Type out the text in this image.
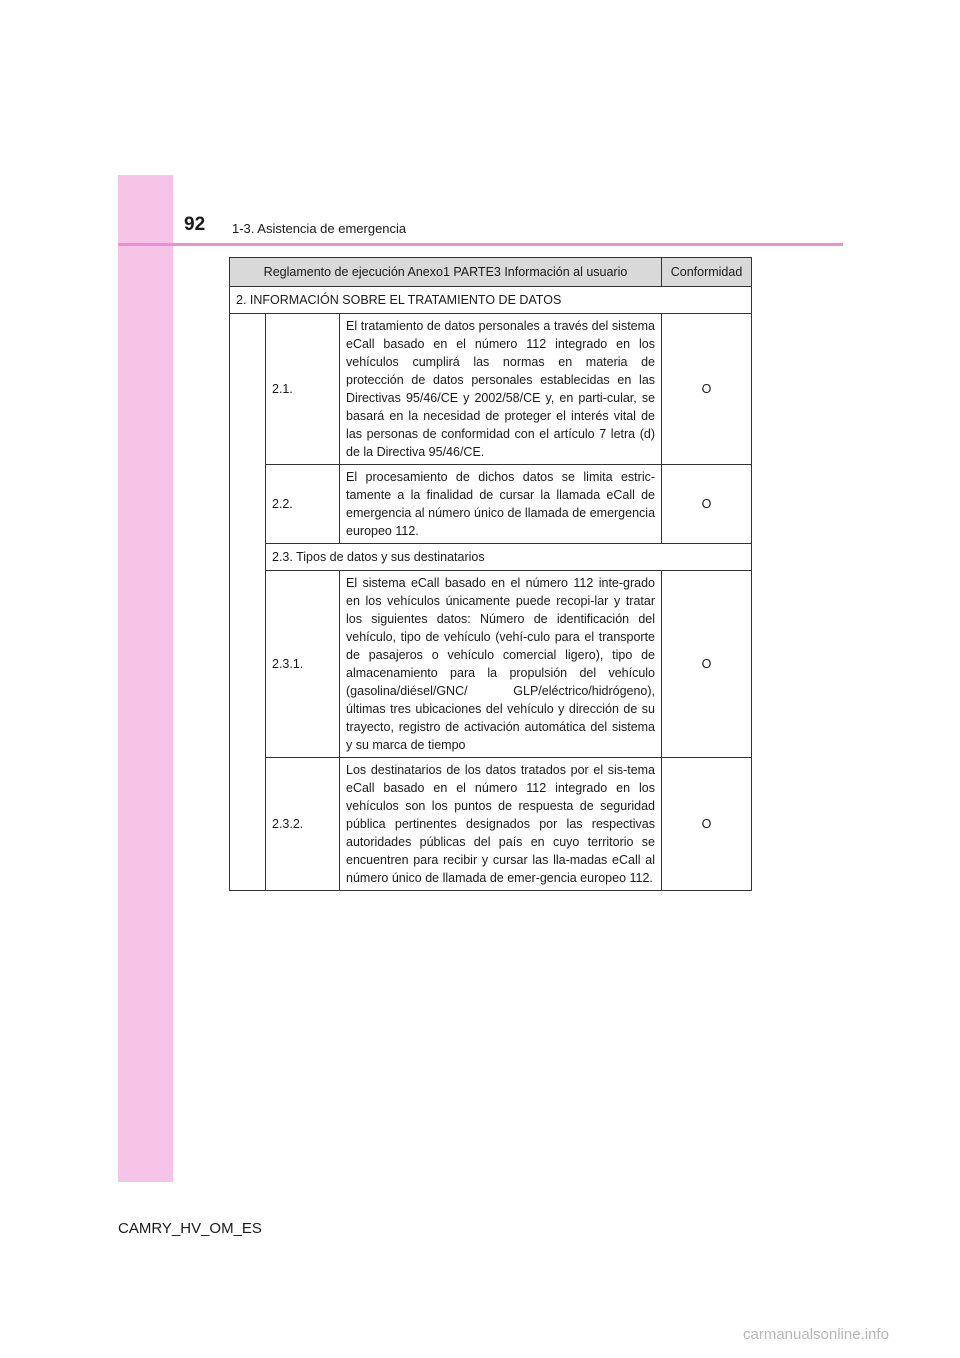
92 1-3. Asistencia de emergencia
Reglamento de ejecución Anexo1 PARTE3 Información al usuario			Conformidad
2. INFORMACIÓN SOBRE EL TRATAMIENTO DE DATOS			
	2.1.	El tratamiento de datos personales a través del sistema eCall basado en el número 112 integrado en los vehículos cumplirá las normas en materia de protección de datos personales establecidas en las Directivas 95/46/CE y 2002/58/CE y, en parti-cular, se basará en la necesidad de proteger el interés vital de las personas de conformidad con el artículo 7 letra (d) de la Directiva 95/46/CE.	O
	2.2.	El procesamiento de dichos datos se limita estric-tamente a la finalidad de cursar la llamada eCall de emergencia al número único de llamada de emergencia europeo 112.	O
	2.3. Tipos de datos y sus destinatarios		
	2.3.1.	El sistema eCall basado en el número 112 inte-grado en los vehículos únicamente puede recopi-lar y tratar los siguientes datos: Número de identificación del vehículo, tipo de vehículo (vehí-culo para el transporte de pasajeros o vehículo comercial ligero), tipo de almacenamiento para la propulsión del vehículo (gasolina/diésel/GNC/ GLP/eléctrico/hidrógeno), últimas tres ubicaciones del vehículo y dirección de su trayecto, registro de activación automática del sistema y su marca de tiempo	O
	2.3.2.	Los destinatarios de los datos tratados por el sis-tema eCall basado en el número 112 integrado en los vehículos son los puntos de respuesta de seguridad pública pertinentes designados por las respectivas autoridades públicas del país en cuyo territorio se encuentren para recibir y cursar las lla-madas eCall al número único de llamada de emer-gencia europeo 112.	O
CAMRY_HV_OM_ES
carmanualsonline.info
